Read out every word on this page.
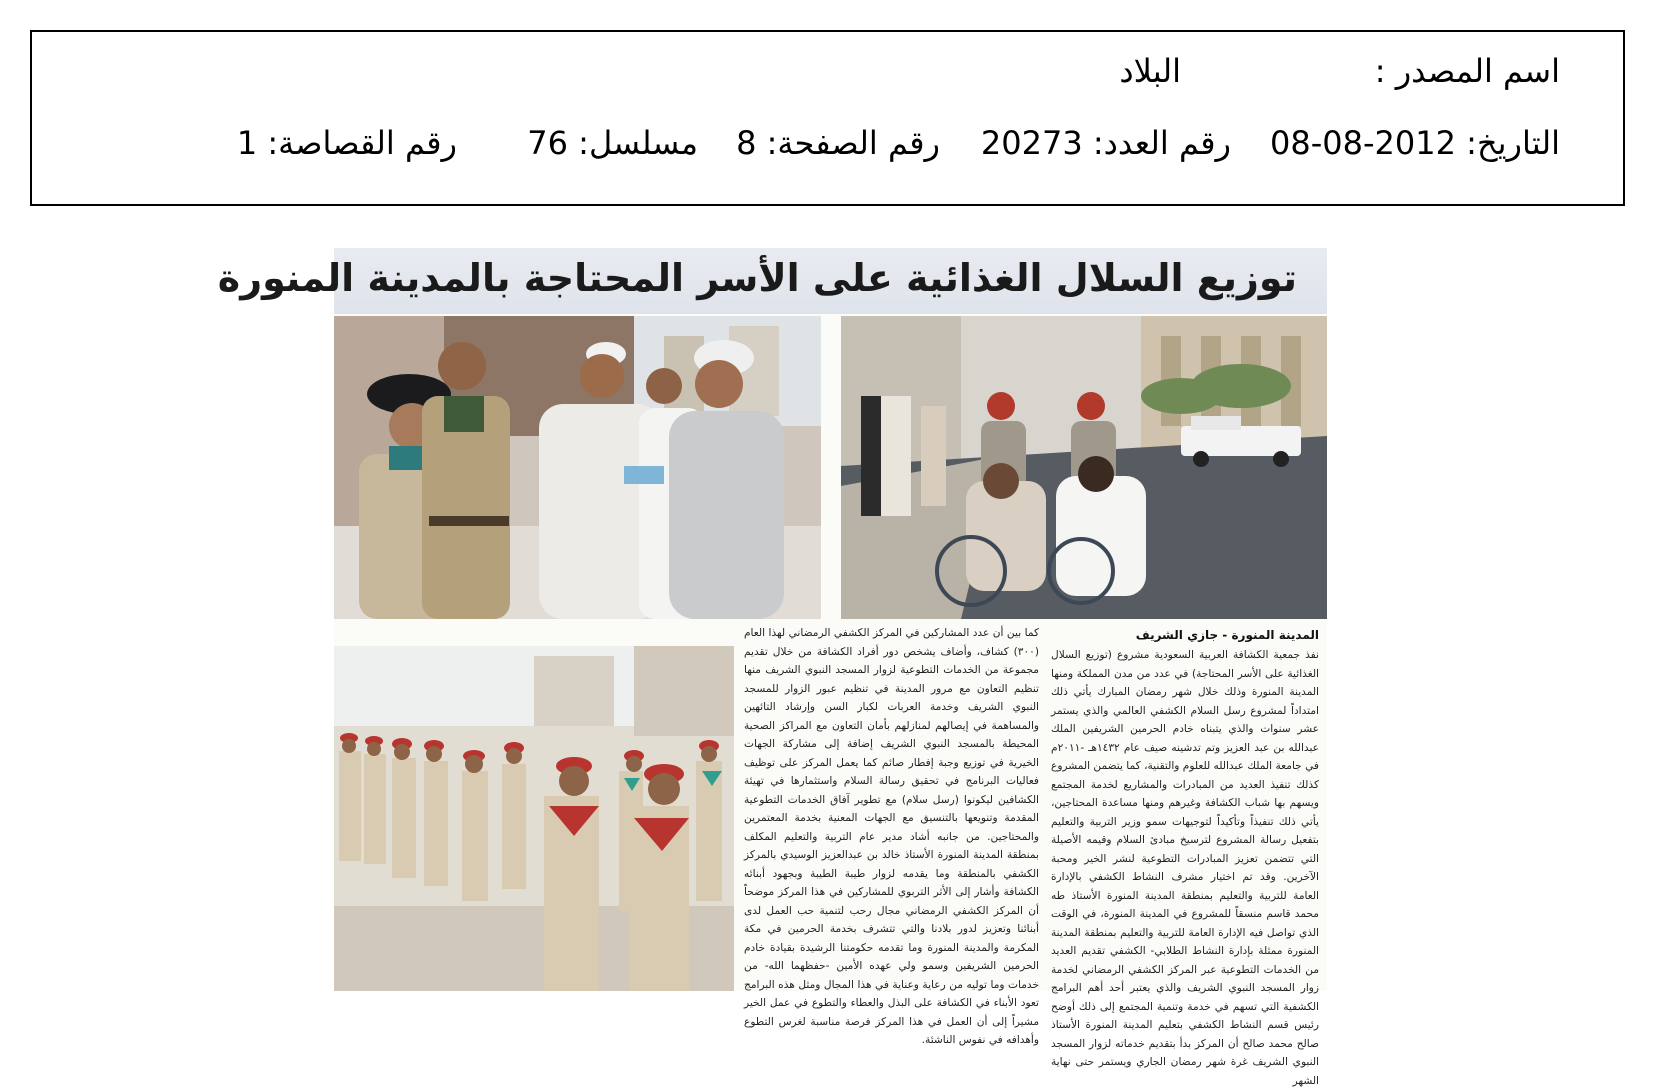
اسم المصدر :
البلاد
التاريخ: 2012-08-08
رقم العدد: 20273
رقم الصفحة: 8
مسلسل: 76
رقم القصاصة: 1
توزيع السلال الغذائية على الأسر المحتاجة بالمدينة المنورة
المدينة المنورة - جازي الشريف

نفذ جمعية الكشافة العربية السعودية مشروع (توزيع السلال الغذائية على الأسر المحتاجة) في عدد من مدن المملكة ومنها المدينة المنورة وذلك خلال شهر رمضان المبارك يأتي ذلك امتداداً لمشروع رسل السلام الكشفي العالمي والذي يستمر عشر سنوات والذي يتبناه خادم الحرمين الشريفين الملك عبدالله بن عبد العزيز وتم تدشينه صيف عام ١٤٣٢هـ -٢٠١١م في جامعة الملك عبدالله للعلوم والتقنية، كما يتضمن المشروع كذلك تنفيذ العديد من المبادرات والمشاريع لخدمة المجتمع ويسهم بها شباب الكشافة وغيرهم ومنها مساعدة المحتاجين، يأتي ذلك تنفيذاً وتأكيداً لتوجيهات سمو وزير التربية والتعليم بتفعيل رسالة المشروع لترسيخ مبادئ السلام وقيمه الأصيلة التي تتضمن تعزيز المبادرات التطوعية لنشر الخير ومحبة الآخرين. وقد تم اختيار مشرف النشاط الكشفي بالإدارة العامة للتربية والتعليم بمنطقة المدينة المنورة الأستاذ طه محمد قاسم منسقاً للمشروع في المدينة المنورة، في الوقت الذي تواصل فيه الإدارة العامة للتربية والتعليم بمنطقة المدينة المنورة ممثلة بإدارة النشاط الطلابي- الكشفي تقديم العديد من الخدمات التطوعية عبر المركز الكشفي الرمضاني لخدمة زوار المسجد النبوي الشريف والذي يعتبر أحد أهم البرامج الكشفية التي تسهم في خدمة وتنمية المجتمع إلى ذلك أوضح رئيس قسم النشاط الكشفي بتعليم المدينة المنورة الأستاذ صالح محمد صالح أن المركز بدأ بتقديم خدماته لزوار المسجد النبوي الشريف غرة شهر رمضان الجاري ويستمر حتى نهاية الشهر

كما بين أن عدد المشاركين في المركز الكشفي الرمضاني لهذا العام (٣٠٠) كشاف، وأضاف يشخص دور أفراد الكشافة من خلال تقديم مجموعة من الخدمات التطوعية لزوار المسجد النبوي الشريف منها تنظيم التعاون مع مرور المدينة في تنظيم عبور الزوار للمسجد النبوي الشريف وخدمة العربات لكبار السن وإرشاد التائهين والمساهمة في إيصالهم لمنازلهم بأمان التعاون مع المراكز الصحية المحيطة بالمسجد النبوي الشريف إضافة إلى مشاركة الجهات الخيرية في توزيع وجبة إفطار صائم كما يعمل المركز على توظيف فعاليات البرنامج في تحقيق رسالة السلام واستثمارها في تهيئة الكشافين ليكونوا (رسل سلام) مع تطوير آفاق الخدمات التطوعية المقدمة وتنويعها بالتنسيق مع الجهات المعنية بخدمة المعتمرين والمحتاجين. من جانبه أشاد مدير عام التربية والتعليم المكلف بمنطقة المدينة المنورة الأستاذ خالد بن عبدالعزيز الوسيدي بالمركز الكشفي بالمنطقة وما يقدمه لزوار طيبة الطيبة وبجهود أبنائه الكشافة وأشار إلى الأثر التربوي للمشاركين في هذا المركز موضحاً أن المركز الكشفي الرمضاني مجال رحب لتنمية حب العمل لدى أبنائنا وتعزيز لدور بلادنا والتي تتشرف بخدمة الحرمين في مكة المكرمة والمدينة المنورة وما تقدمه حكومتنا الرشيدة بقيادة خادم الحرمين الشريفين وسمو ولي عهده الأمين -حفظهما الله- من خدمات وما توليه من رعاية وعناية في هذا المجال ومثل هذه البرامج تعود الأبناء في الكشافة على البذل والعطاء والتطوع في عمل الخير مشيراً إلى أن العمل في هذا المركز فرصة مناسبة لغرس التطوع وأهدافه في نفوس الناشئة.
